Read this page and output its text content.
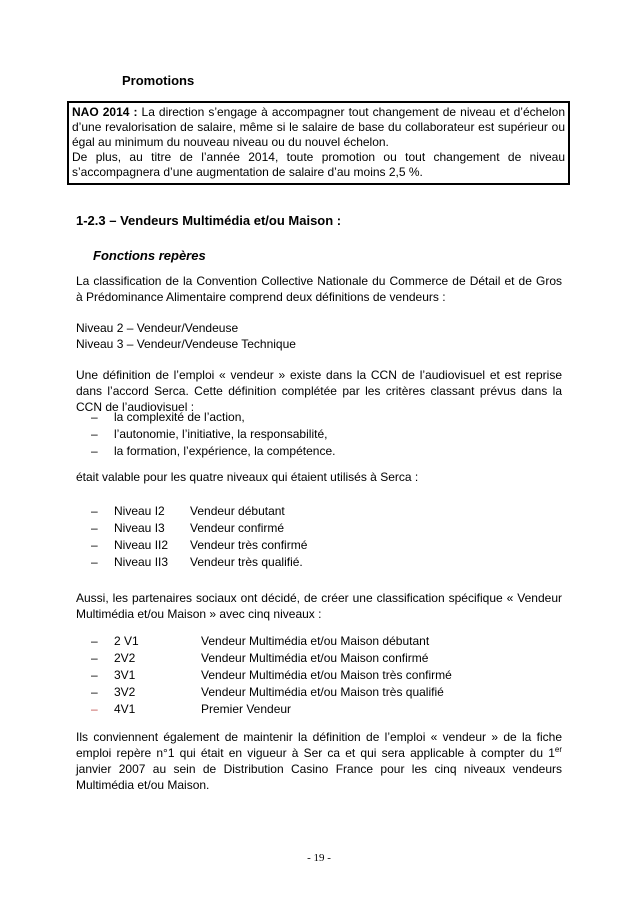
Promotions

NAO 2014 : La direction s’engage à accompagner tout changement de niveau et d’échelon d’une revalorisation de salaire, même si le salaire de base du collaborateur est supérieur ou égal au minimum du nouveau niveau ou du nouvel échelon.

De plus, au titre de l’année 2014, toute promotion ou tout changement de niveau s’accompagnera d’une augmentation de salaire d’au moins 2,5 %.

1-2.3 – Vendeurs Multimédia et/ou Maison :
Fonctions repères

La classification de la Convention Collective Nationale du Commerce de Détail et de Gros à Prédominance Alimentaire comprend deux définitions de vendeurs :

Niveau 2 – Vendeur/Vendeuse
Niveau 3 – Vendeur/Vendeuse Technique

Une définition de l’emploi « vendeur » existe dans la CCN de l’audiovisuel et est reprise dans l’accord Serca. Cette définition complétée par les critères classant prévus dans la CCN de l’audiovisuel :

–	la complexité de l’action,
–	l’autonomie, l’initiative, la responsabilité,
–	la formation, l’expérience, la compétence.

était valable pour les quatre niveaux qui étaient utilisés à Serca :

–	Niveau I2	Vendeur débutant
–	Niveau I3	Vendeur confirmé
–	Niveau II2	Vendeur très confirmé
–	Niveau II3	Vendeur très qualifié.

Aussi, les partenaires sociaux ont décidé, de créer une classification spécifique « Vendeur Multimédia et/ou Maison » avec cinq niveaux :

–	2 V1	Vendeur Multimédia et/ou Maison débutant
–	2V2	Vendeur Multimédia et/ou Maison confirmé
–	3V1	Vendeur Multimédia et/ou Maison très confirmé
–	3V2	Vendeur Multimédia et/ou Maison très qualifié
–	4V1	Premier Vendeur

Ils conviennent également de maintenir la définition de l’emploi « vendeur » de la fiche emploi repère n°1 qui était en vigueur à Ser ca et qui sera applicable à compter du 1er janvier 2007 au sein de Distribution Casino France pour les cinq niveaux vendeurs Multimédia et/ou Maison.

- 19 -
